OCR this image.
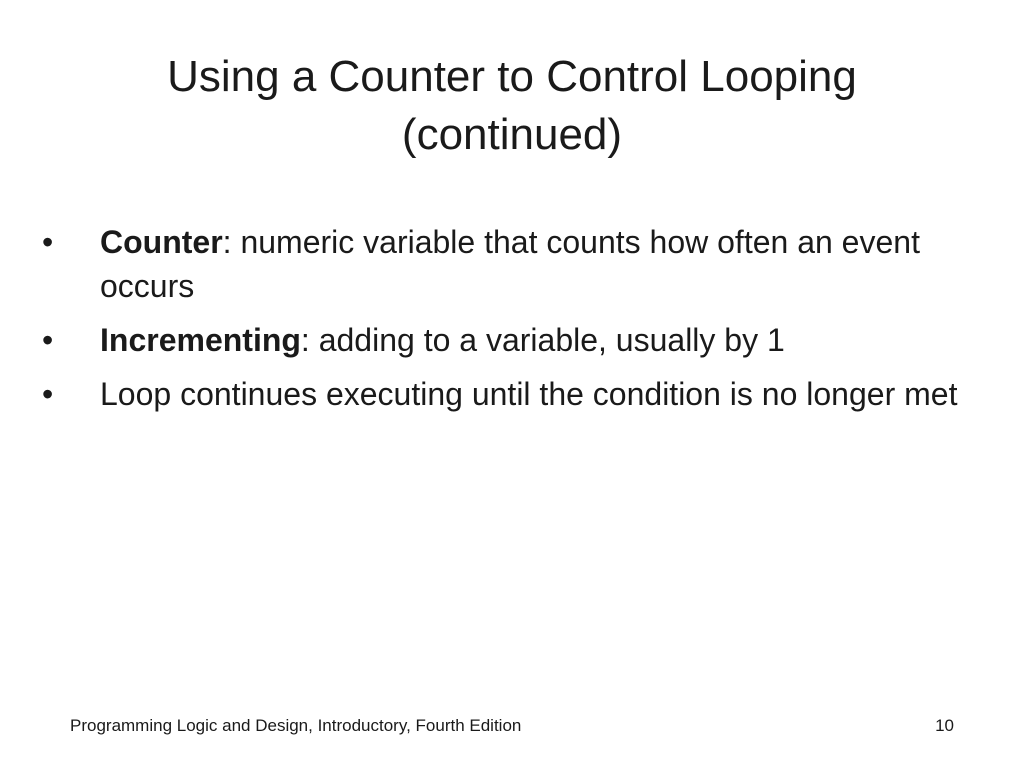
Using a Counter to Control Looping
(continued)
• Counter: numeric variable that counts how often an event occurs
• Incrementing: adding to a variable, usually by 1
• Loop continues executing until the condition is no longer met
Programming Logic and Design, Introductory, Fourth Edition	10
